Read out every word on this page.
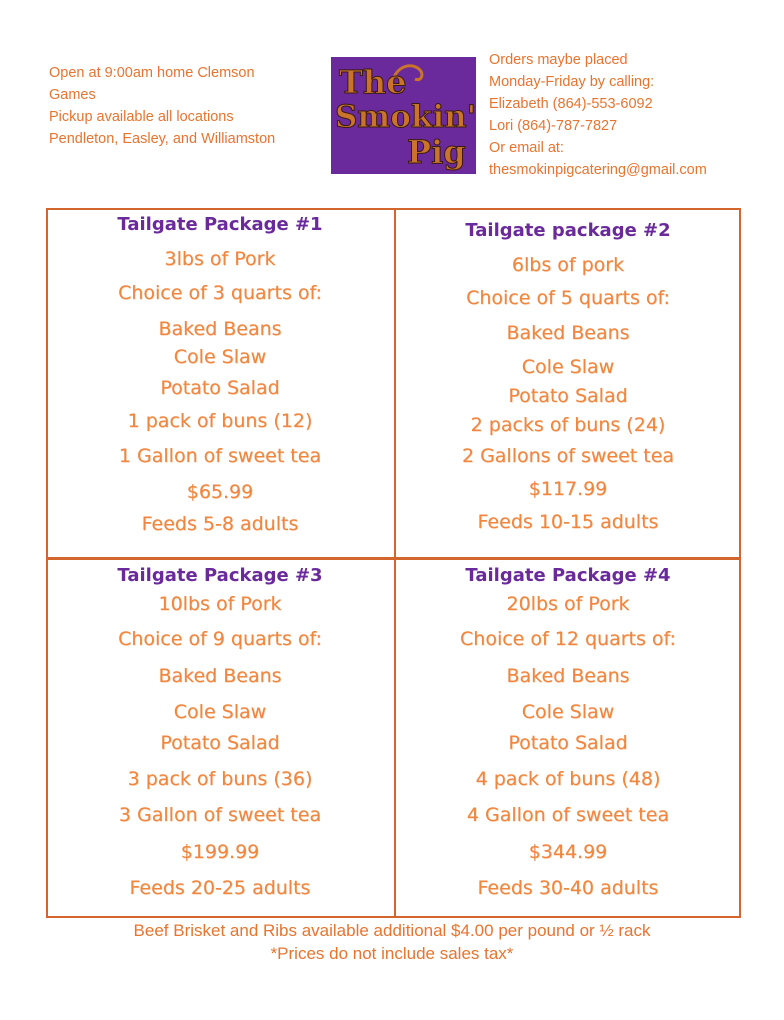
Open at 9:00am home Clemson
Games
Pickup available all locations
Pendleton, Easley, and Williamston
The
Smokin'
Pig
Orders maybe placed
Monday-Friday by calling:
Elizabeth (864)-553-6092
Lori (864)-787-7827
Or email at:
thesmokinpigcatering@gmail.com
Tailgate Package #1
3lbs of Pork
Choice of 3 quarts of:
Baked Beans
Cole Slaw
Potato Salad
1 pack of buns (12)
1 Gallon of sweet tea
$65.99
Feeds 5-8 adults
Tailgate package #2
6lbs of pork
Choice of 5 quarts of:
Baked Beans
Cole Slaw
Potato Salad
2 packs of buns (24)
2 Gallons of sweet tea
$117.99
Feeds 10-15 adults
Tailgate Package #3
10lbs of Pork
Choice of 9 quarts of:
Baked Beans
Cole Slaw
Potato Salad
3 pack of buns (36)
3 Gallon of sweet tea
$199.99
Feeds 20-25 adults
Tailgate Package #4
20lbs of Pork
Choice of 12 quarts of:
Baked Beans
Cole Slaw
Potato Salad
4 pack of buns (48)
4 Gallon of sweet tea
$344.99
Feeds 30-40 adults
Beef Brisket and Ribs available additional $4.00 per pound or ½ rack
*Prices do not include sales tax*
